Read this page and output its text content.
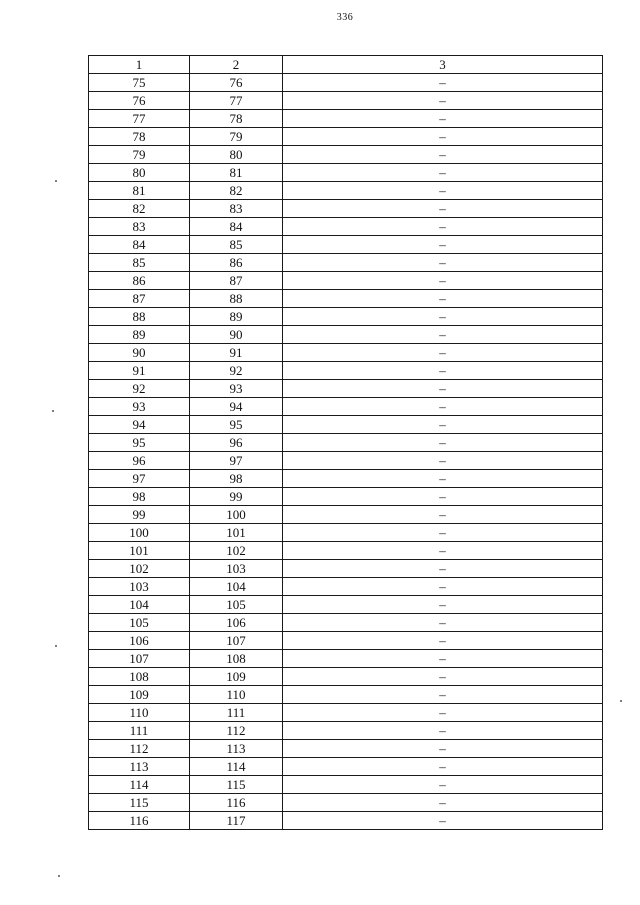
336
1	2	3
75	76	–
76	77	–
77	78	–
78	79	–
79	80	–
80	81	–
81	82	–
82	83	–
83	84	–
84	85	–
85	86	–
86	87	–
87	88	–
88	89	–
89	90	–
90	91	–
91	92	–
92	93	–
93	94	–
94	95	–
95	96	–
96	97	–
97	98	–
98	99	–
99	100	–
100	101	–
101	102	–
102	103	–
103	104	–
104	105	–
105	106	–
106	107	–
107	108	–
108	109	–
109	110	–
110	111	–
111	112	–
112	113	–
113	114	–
114	115	–
115	116	–
116	117	–
